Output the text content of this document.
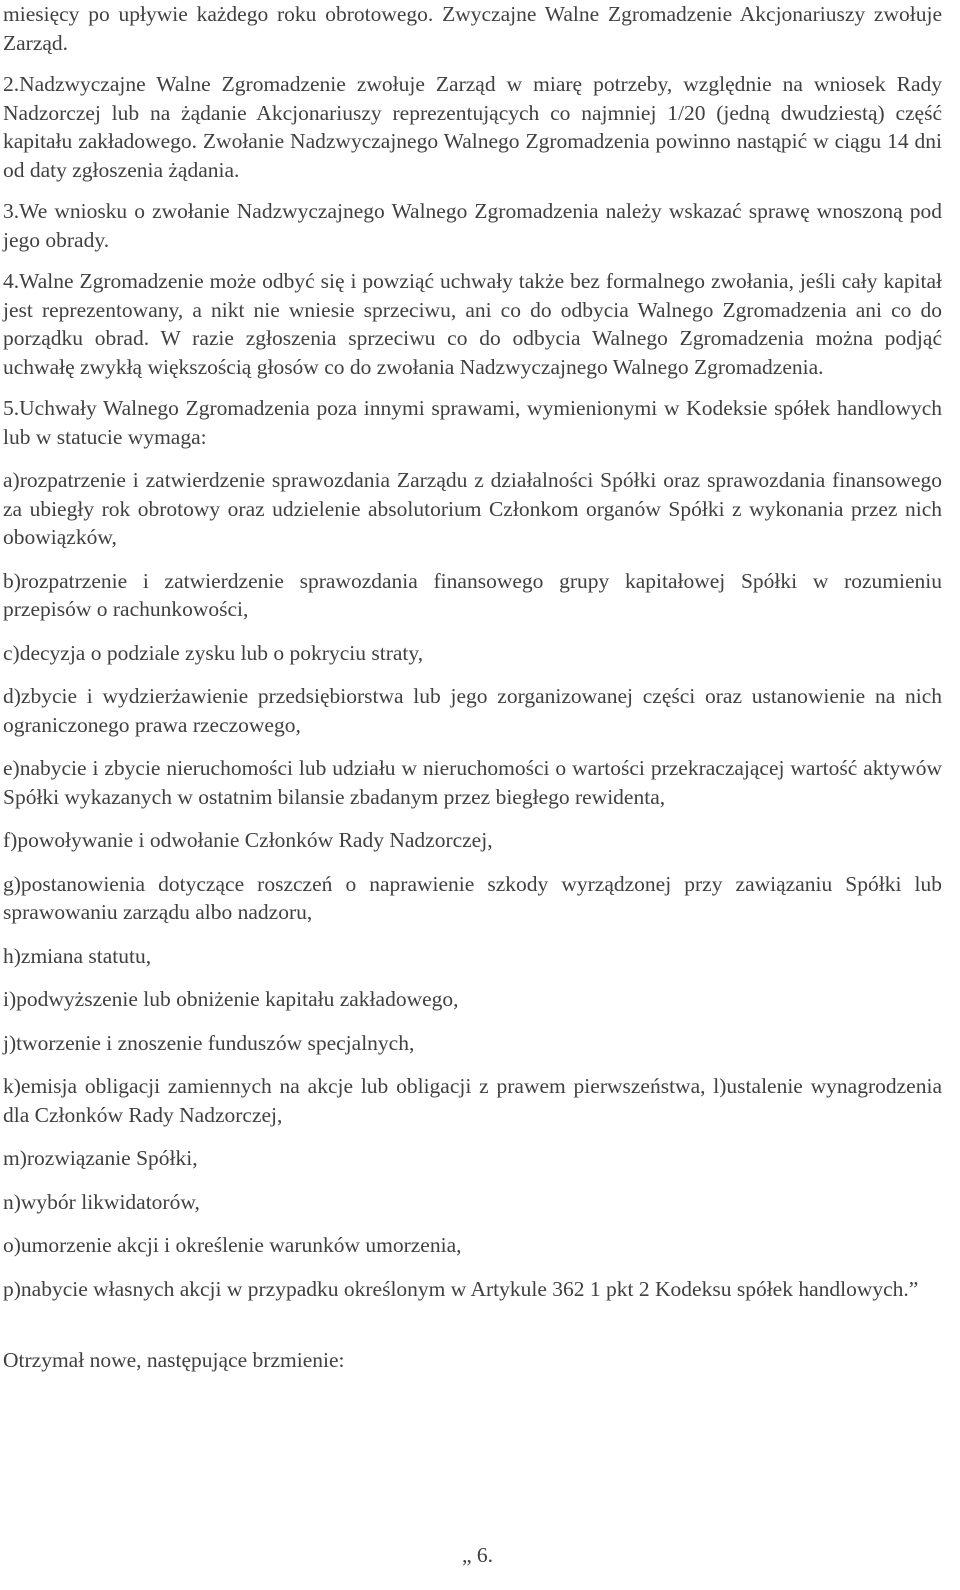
miesięcy po upływie każdego roku obrotowego. Zwyczajne Walne Zgromadzenie Akcjonariuszy zwołuje Zarząd.

2.Nadzwyczajne Walne Zgromadzenie zwołuje Zarząd w miarę potrzeby, względnie na wniosek Rady Nadzorczej lub na żądanie Akcjonariuszy reprezentujących co najmniej 1/20 (jedną dwudziestą) część kapitału zakładowego. Zwołanie Nadzwyczajnego Walnego Zgromadzenia powinno nastąpić w ciągu 14 dni od daty zgłoszenia żądania.

3.We wniosku o zwołanie Nadzwyczajnego Walnego Zgromadzenia należy wskazać sprawę wnoszoną pod jego obrady.

4.Walne Zgromadzenie może odbyć się i powziąć uchwały także bez formalnego zwołania, jeśli cały kapitał jest reprezentowany, a nikt nie wniesie sprzeciwu, ani co do odbycia Walnego Zgromadzenia ani co do porządku obrad. W razie zgłoszenia sprzeciwu co do odbycia Walnego Zgromadzenia można podjąć uchwałę zwykłą większością głosów co do zwołania Nadzwyczajnego Walnego Zgromadzenia.

5.Uchwały Walnego Zgromadzenia poza innymi sprawami, wymienionymi w Kodeksie spółek handlowych lub w statucie wymaga:

a)rozpatrzenie i zatwierdzenie sprawozdania Zarządu z działalności Spółki oraz sprawozdania finansowego za ubiegły rok obrotowy oraz udzielenie absolutorium Członkom organów Spółki z wykonania przez nich obowiązków,

b)rozpatrzenie i zatwierdzenie sprawozdania finansowego grupy kapitałowej Spółki w rozumieniu przepisów o rachunkowości,

c)decyzja o podziale zysku lub o pokryciu straty,

d)zbycie i wydzierżawienie przedsiębiorstwa lub jego zorganizowanej części oraz ustanowienie na nich ograniczonego prawa rzeczowego,

e)nabycie i zbycie nieruchomości lub udziału w nieruchomości o wartości przekraczającej wartość aktywów Spółki wykazanych w ostatnim bilansie zbadanym przez biegłego rewidenta,

f)powoływanie i odwołanie Członków Rady Nadzorczej,

g)postanowienia dotyczące roszczeń o naprawienie szkody wyrządzonej przy zawiązaniu Spółki lub sprawowaniu zarządu albo nadzoru,

h)zmiana statutu,

i)podwyższenie lub obniżenie kapitału zakładowego,

j)tworzenie i znoszenie funduszów specjalnych,

k)emisja obligacji zamiennych na akcje lub obligacji z prawem pierwszeństwa, l)ustalenie wynagrodzenia dla Członków Rady Nadzorczej,

m)rozwiązanie Spółki,

n)wybór likwidatorów,

o)umorzenie akcji i określenie warunków umorzenia,

p)nabycie własnych akcji w przypadku określonym w Artykule 362 1 pkt 2 Kodeksu spółek handlowych.”

Otrzymał nowe, następujące brzmienie:

„ 6.
